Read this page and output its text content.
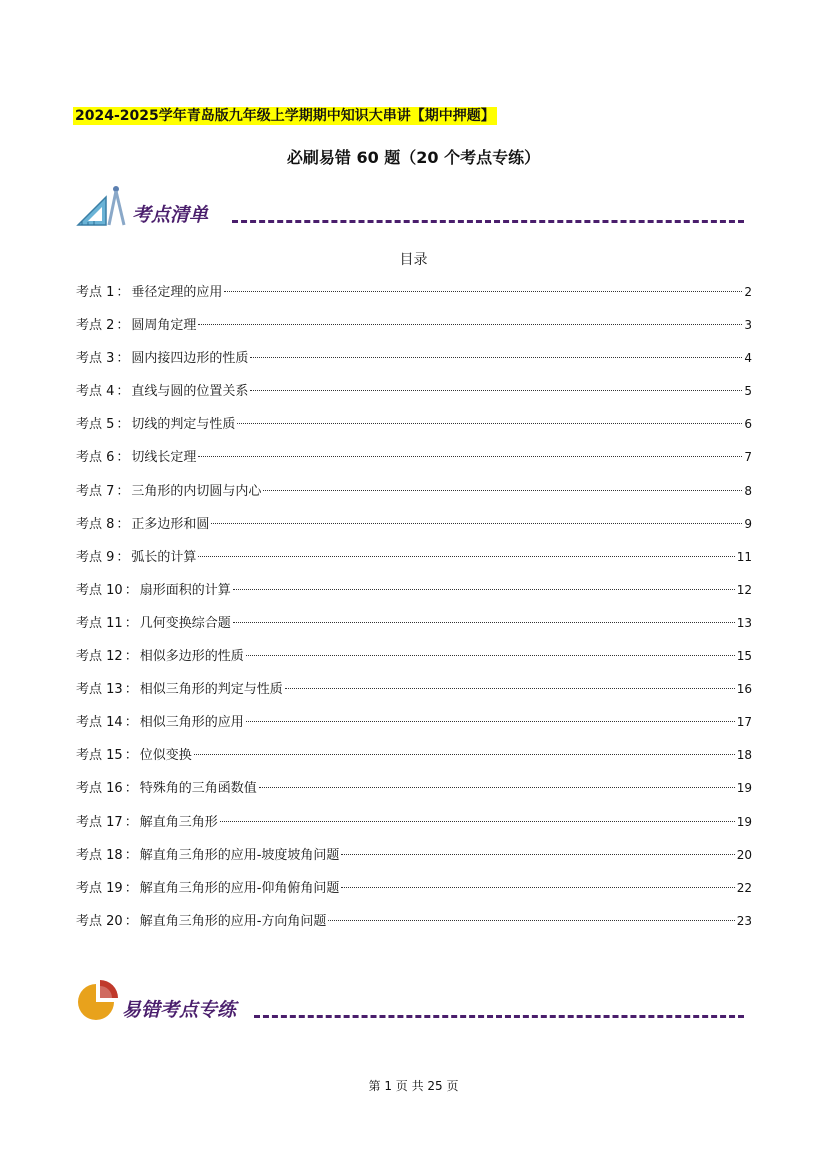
2024-2025学年青岛版九年级上学期期中知识大串讲【期中押题】
必刷易错 60 题（20 个考点专练）
考点清单
目录
考点 1 ： 垂径定理的应用	2
考点 2 ： 圆周角定理	3
考点 3 ： 圆内接四边形的性质	4
考点 4 ： 直线与圆的位置关系	5
考点 5 ： 切线的判定与性质	6
考点 6 ： 切线长定理	7
考点 7 ： 三角形的内切圆与内心	8
考点 8 ： 正多边形和圆	9
考点 9 ： 弧长的计算	11
考点 10 ： 扇形面积的计算	12
考点 11 ： 几何变换综合题	13
考点 12 ： 相似多边形的性质	15
考点 13 ： 相似三角形的判定与性质	16
考点 14 ： 相似三角形的应用	17
考点 15 ： 位似变换	18
考点 16 ： 特殊角的三角函数值	19
考点 17 ： 解直角三角形	19
考点 18 ： 解直角三角形的应用-坡度坡角问题	20
考点 19 ： 解直角三角形的应用-仰角俯角问题	22
考点 20 ： 解直角三角形的应用-方向角问题	23
易错考点专练
第 1 页 共 25 页
